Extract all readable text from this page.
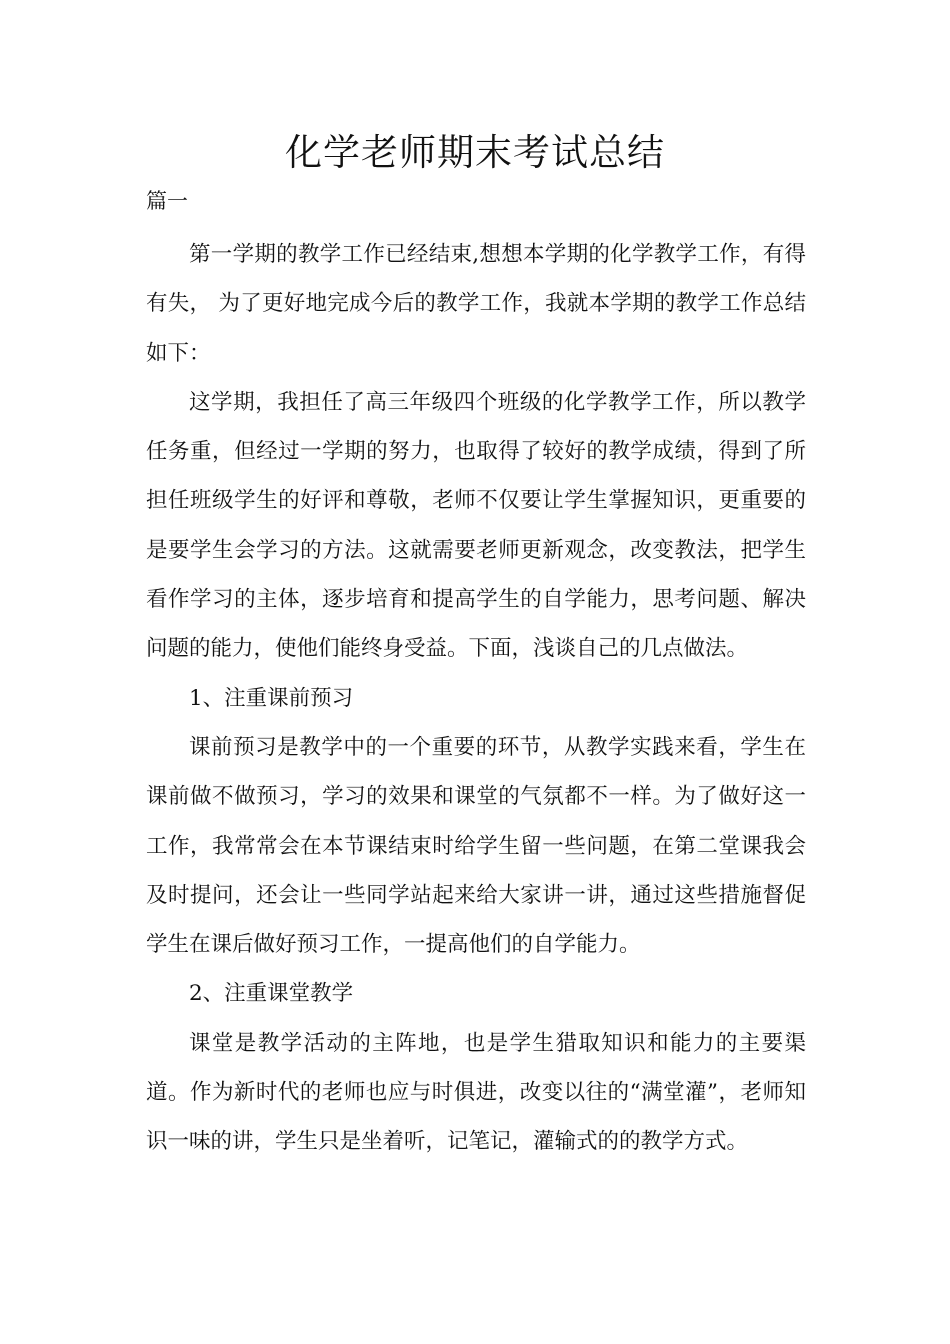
化学老师期末考试总结
篇一

第一学期的教学工作已经结束,想想本学期的化学教学工作，有得有失， 为了更好地完成今后的教学工作，我就本学期的教学工作总结如下：

这学期，我担任了高三年级四个班级的化学教学工作，所以教学任务重，但经过一学期的努力，也取得了较好的教学成绩，得到了所担任班级学生的好评和尊敬，老师不仅要让学生掌握知识，更重要的是要学生会学习的方法。这就需要老师更新观念，改变教法，把学生看作学习的主体，逐步培育和提高学生的自学能力，思考问题、解决问题的能力，使他们能终身受益。下面，浅谈自己的几点做法。

1、注重课前预习

课前预习是教学中的一个重要的环节，从教学实践来看，学生在课前做不做预习，学习的效果和课堂的气氛都不一样。为了做好这一工作，我常常会在本节课结束时给学生留一些问题，在第二堂课我会及时提问，还会让一些同学站起来给大家讲一讲，通过这些措施督促学生在课后做好预习工作，一提高他们的自学能力。

2、注重课堂教学

课堂是教学活动的主阵地，也是学生猎取知识和能力的主要渠道。作为新时代的老师也应与时俱进，改变以往的“满堂灌”，老师知识一味的讲，学生只是坐着听，记笔记，灌输式的的教学方式。
